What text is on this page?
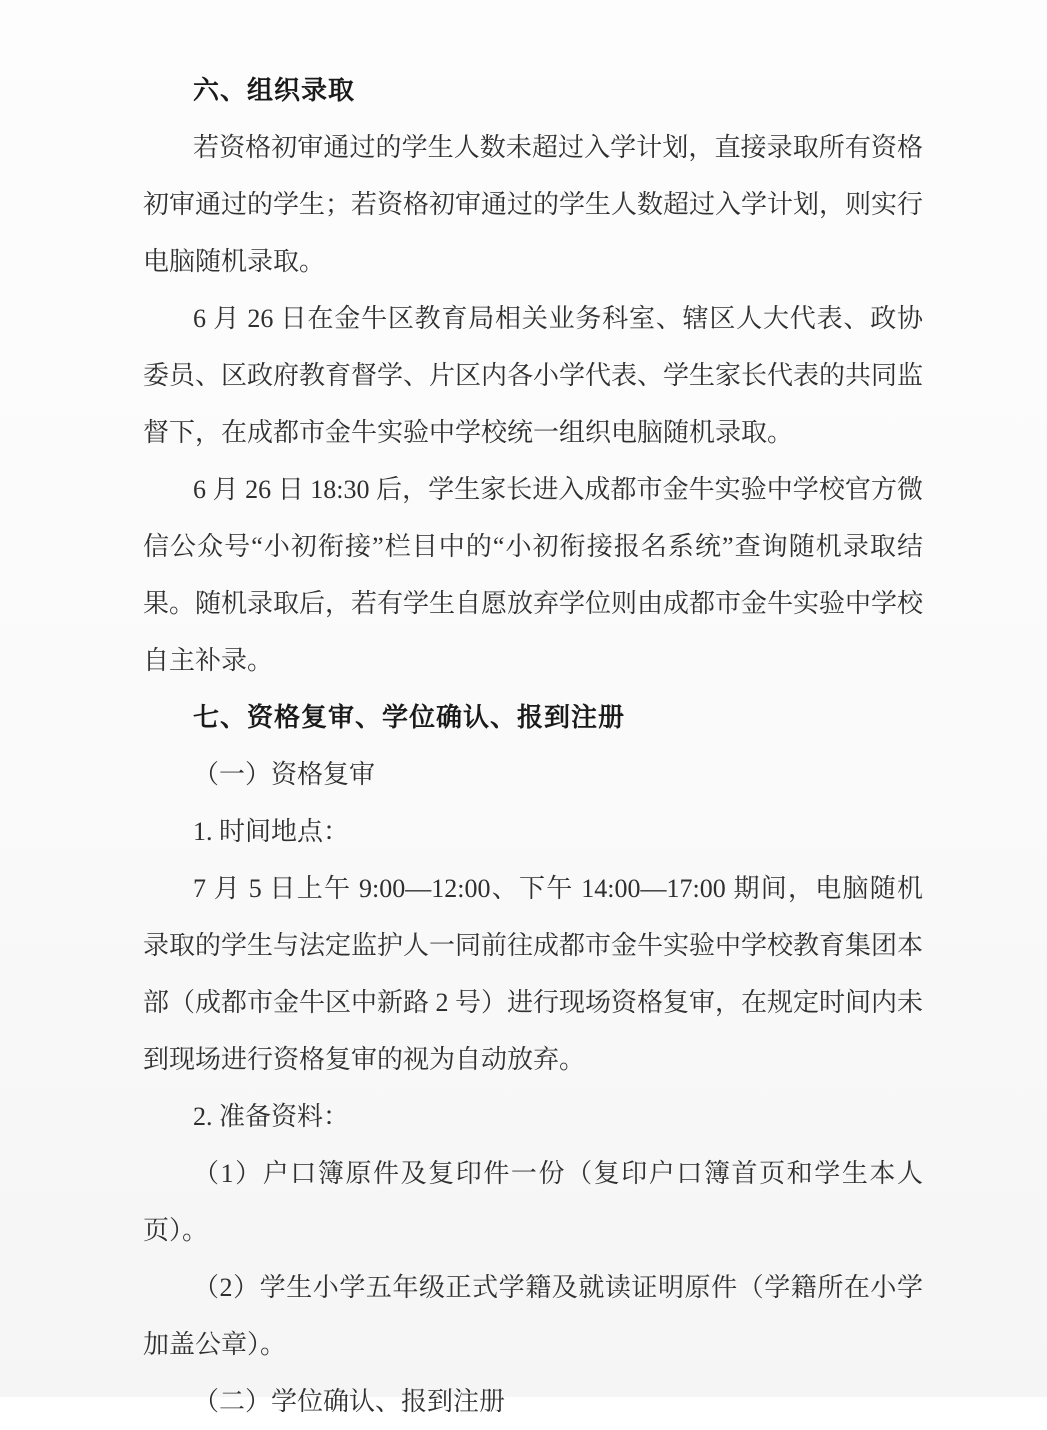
六、组织录取

若资格初审通过的学生人数未超过入学计划，直接录取所有资格初审通过的学生；若资格初审通过的学生人数超过入学计划，则实行电脑随机录取。

6 月 26 日在金牛区教育局相关业务科室、辖区人大代表、政协委员、区政府教育督学、片区内各小学代表、学生家长代表的共同监督下，在成都市金牛实验中学校统一组织电脑随机录取。

6 月 26 日 18:30 后，学生家长进入成都市金牛实验中学校官方微信公众号“小初衔接”栏目中的“小初衔接报名系统”查询随机录取结果。随机录取后，若有学生自愿放弃学位则由成都市金牛实验中学校自主补录。

七、资格复审、学位确认、报到注册

（一）资格复审

1. 时间地点：

7 月 5 日上午 9:00—12:00、下午 14:00—17:00 期间，电脑随机录取的学生与法定监护人一同前往成都市金牛实验中学校教育集团本部（成都市金牛区中新路 2 号）进行现场资格复审，在规定时间内未到现场进行资格复审的视为自动放弃。

2. 准备资料：

（1）户口簿原件及复印件一份（复印户口簿首页和学生本人页）。

（2）学生小学五年级正式学籍及就读证明原件（学籍所在小学加盖公章）。

（二）学位确认、报到注册
